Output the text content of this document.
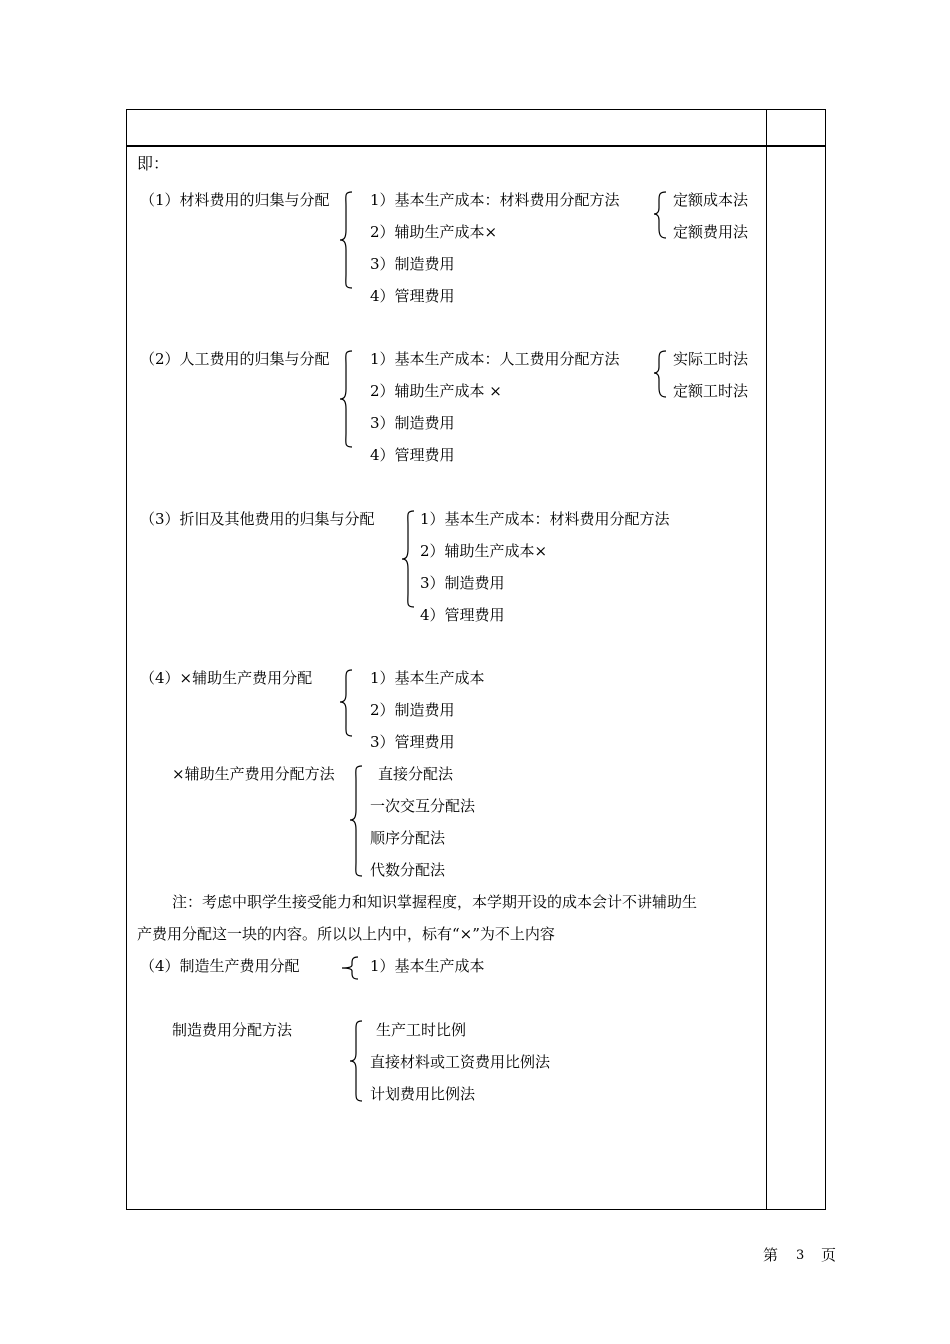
即：
（1）材料费用的归集与分配	1）基本生产成本：材料费用分配方法
2）辅助生产成本×
3）制造费用
4）管理费用
定额成本法
定额费用法
（2）人工费用的归集与分配	1）基本生产成本：人工费用分配方法
2）辅助生产成本 ×
3）制造费用
4）管理费用
实际工时法
定额工时法
（3）折旧及其他费用的归集与分配	1）基本生产成本：材料费用分配方法
2）辅助生产成本×
3）制造费用
4）管理费用
（4）×辅助生产费用分配	1）基本生产成本
2）制造费用
3）管理费用
×辅助生产费用分配方法	直接分配法
一次交互分配法
顺序分配法
代数分配法
注：考虑中职学生接受能力和知识掌握程度，本学期开设的成本会计不讲辅助生
产费用分配这一块的内容。所以以上内中，标有“×”为不上内容
（4）制造生产费用分配	1）基本生产成本
制造费用分配方法	生产工时比例
直接材料或工资费用比例法
计划费用比例法
第 3 页
